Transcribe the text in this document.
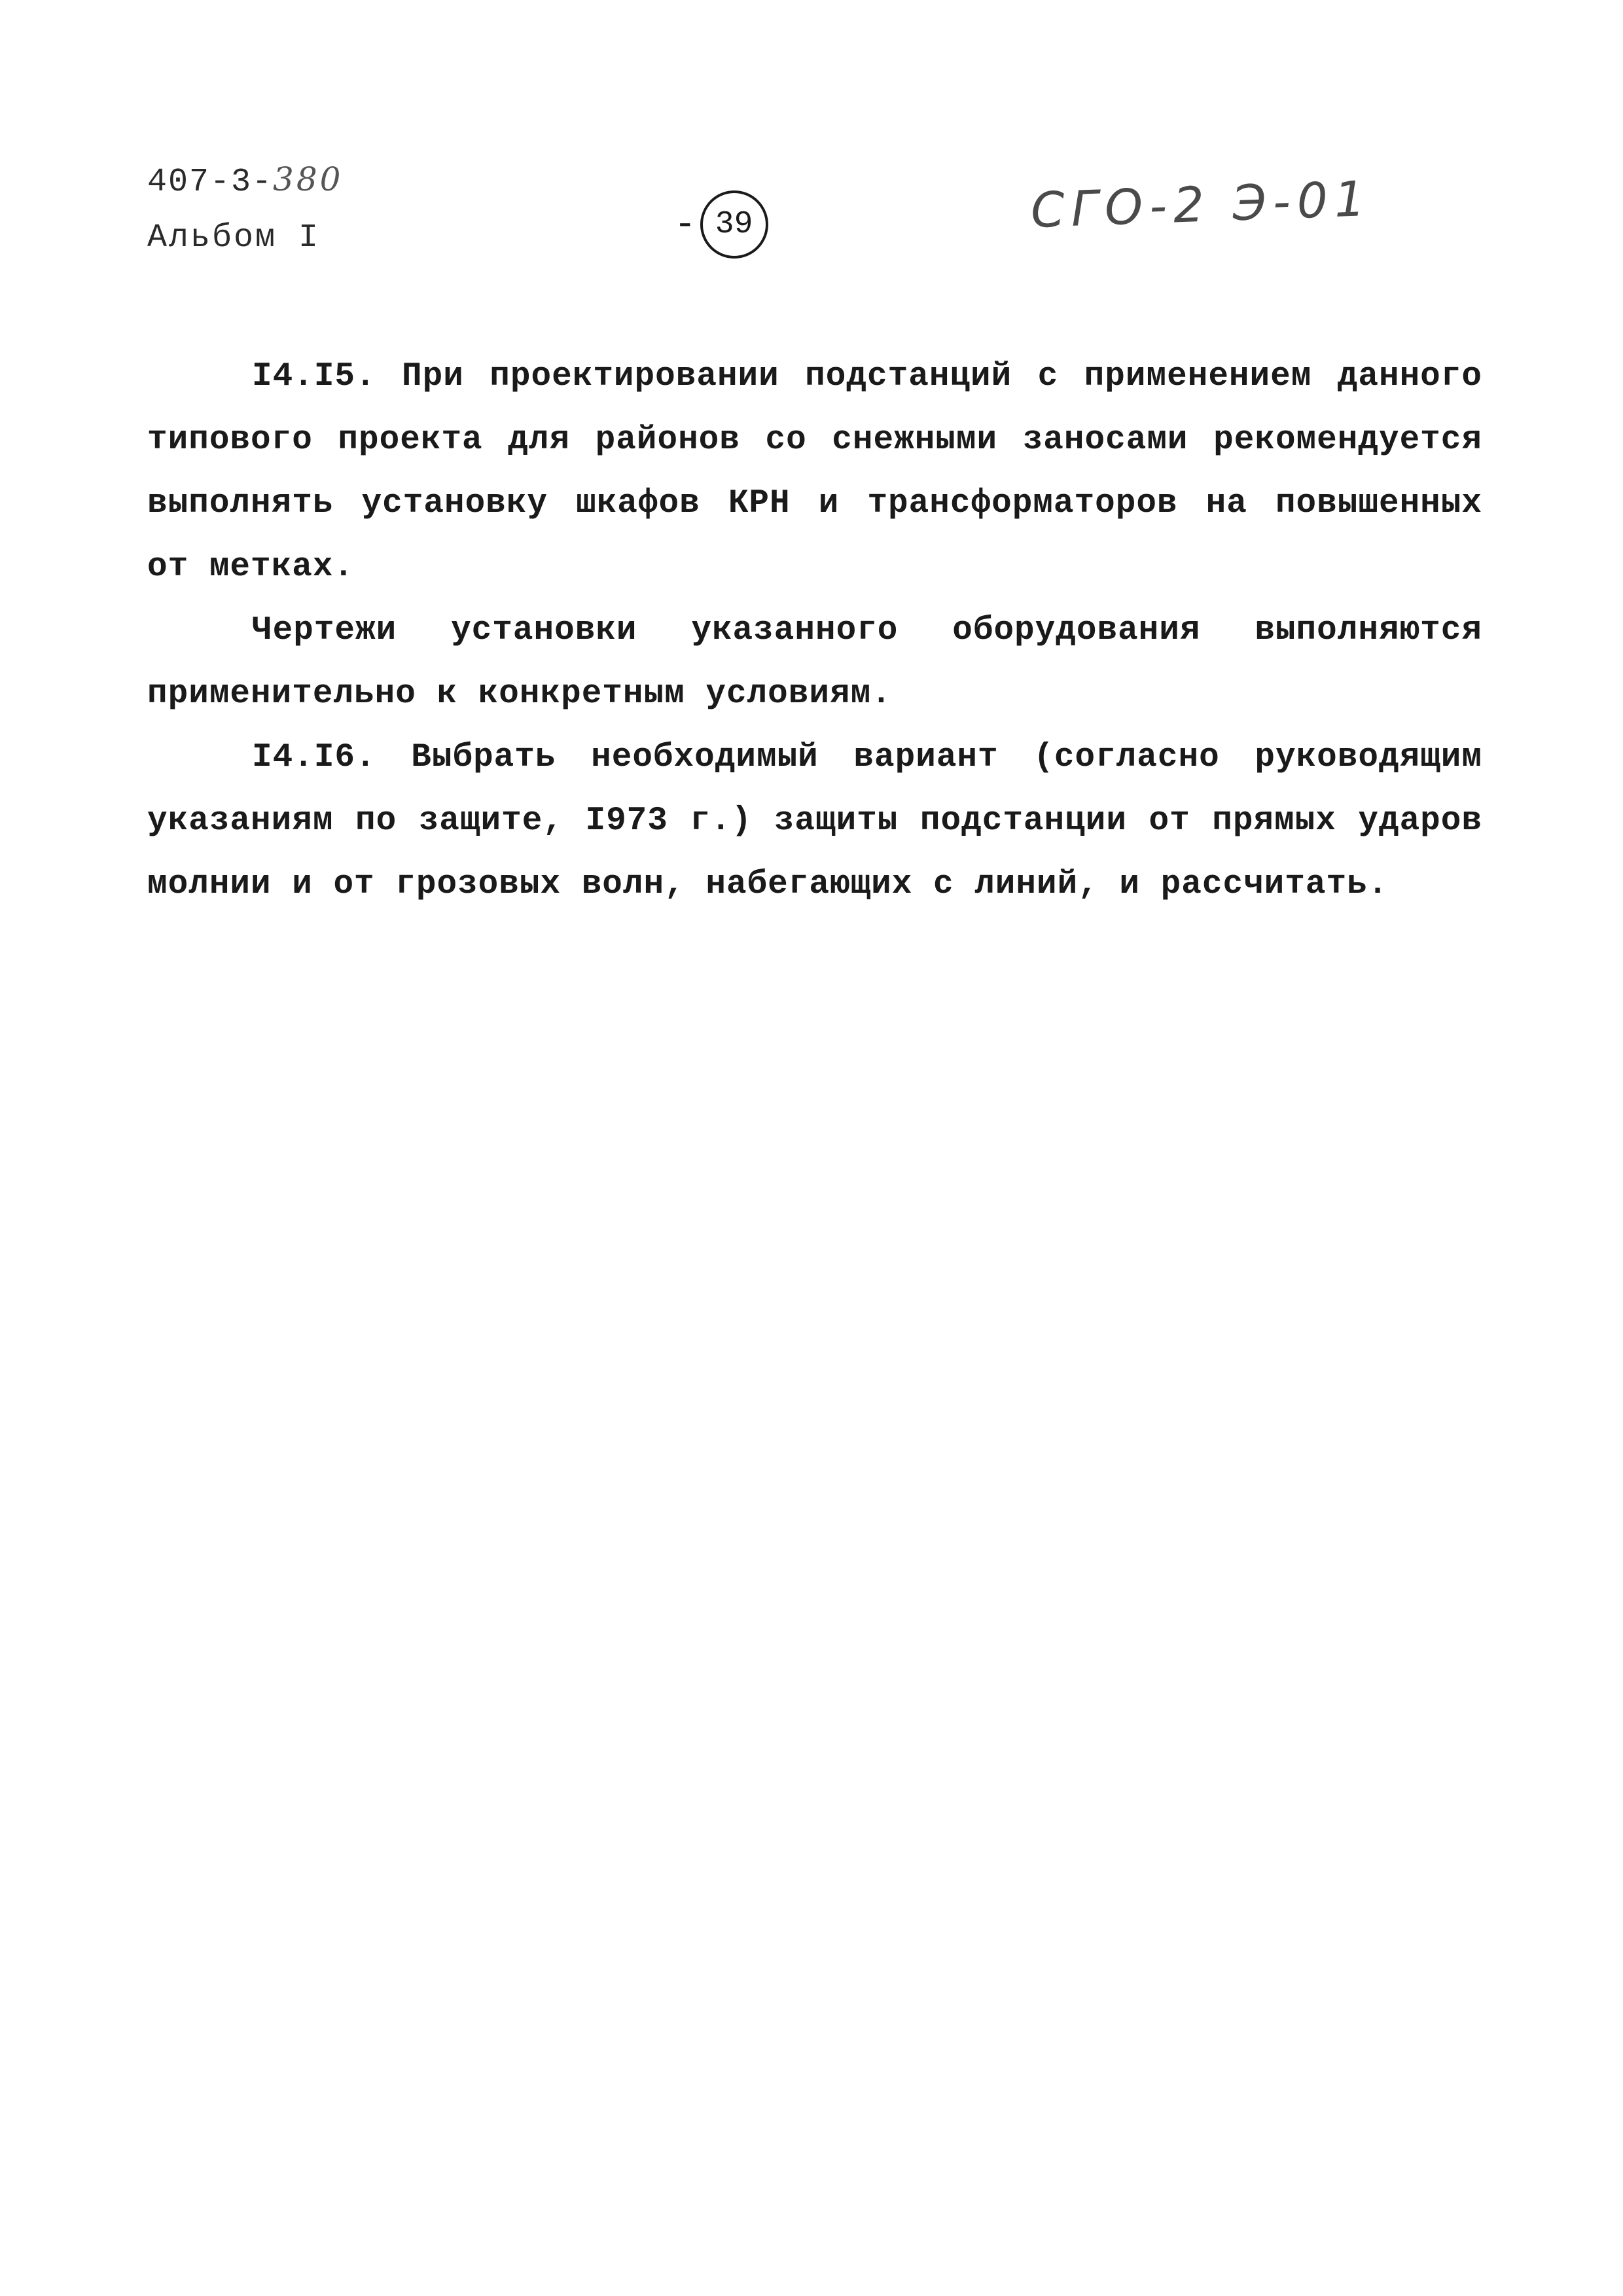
407-3-380
Альбом I	- 39	СГО-2 Э-01

I4.I5. При проектировании подстанций с применением данного типового проекта для районов со снежными заносами рекомендуется выполнять установку шкафов КРН и трансформаторов на повышенных от метках.

Чертежи установки указанного оборудования выполняются применительно к конкретным условиям.

I4.I6. Выбрать необходимый вариант (согласно руководящим указаниям по защите, I973 г.) защиты подстанции от прямых ударов молнии и от грозовых волн, набегающих с линий, и рассчитать.
